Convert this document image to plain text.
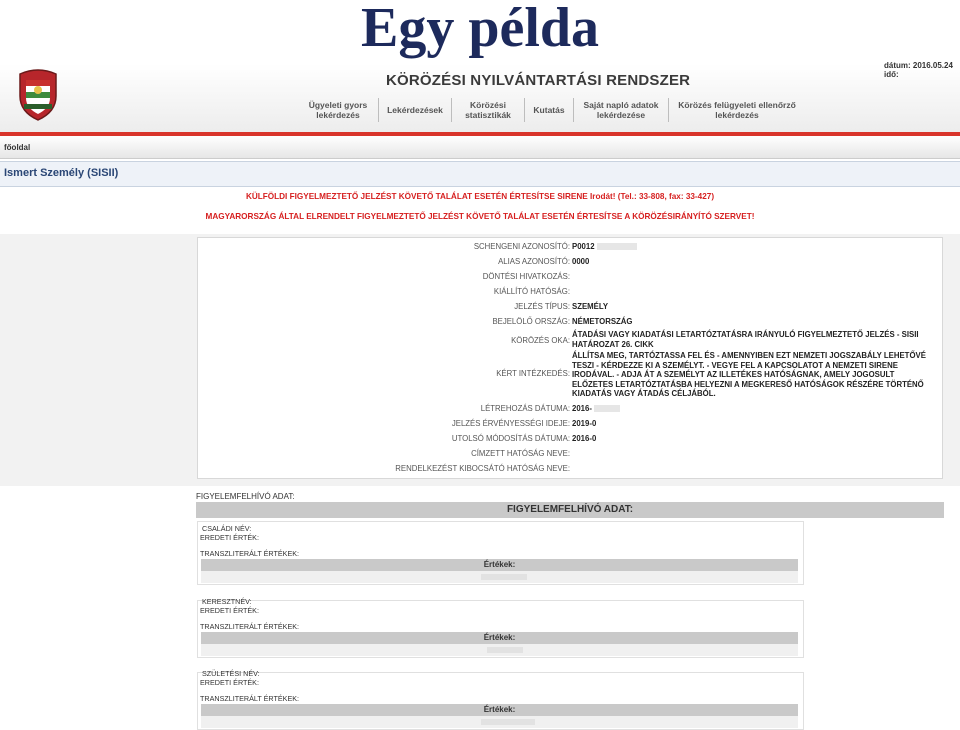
Egy példa
dátum: 2016.05.24 idő:
KÖRÖZÉSI NYILVÁNTARTÁSI RENDSZER
Ügyeleti gyors lekérdezés	Lekérdezések	Körözési statisztikák	Kutatás	Saját napló adatok lekérdezése
Körözés felügyeleti ellenőrző lekérdezés
főoldal
Ismert Személy (SISII)
KÜLFÖLDI FIGYELMEZTETŐ JELZÉST KÖVETŐ TALÁLAT ESETÉN ÉRTESÍTSE SIRENE Irodát! (Tel.: 33-808, fax: 33-427)
MAGYARORSZÁG ÁLTAL ELRENDELT FIGYELMEZTETŐ JELZÉST KÖVETŐ TALÁLAT ESETÉN ÉRTESÍTSE A KÖRÖZÉSIRÁNYÍTÓ SZERVET!
SCHENGENI AZONOSÍTÓ: P0012
ALIAS AZONOSÍTÓ: 0000
DÖNTÉSI HIVATKOZÁS:
KIÁLLÍTÓ HATÓSÁG:
JELZÉS TÍPUS: SZEMÉLY
BEJELÖLŐ ORSZÁG: NÉMETORSZÁG
KÖRÖZÉS OKA:
ÁTADÁSI VAGY KIADATÁSI LETARTÓZTATÁSRA IRÁNYULÓ FIGYELMEZTETŐ JELZÉS - SISII HATÁROZAT 26. CIKK
KÉRT INTÉZKEDÉS:
ÁLLÍTSA MEG, TARTÓZTASSA FEL ÉS - AMENNYIBEN EZT NEMZETI JOGSZABÁLY LEHETŐVÉ TESZI - KÉRDEZZE KI A SZEMÉLYT. - VEGYE FEL A KAPCSOLATOT A NEMZETI SIRENE IRODÁVAL. - ADJA ÁT A SZEMÉLYT AZ ILLETÉKES HATÓSÁGNAK, AMELY JOGOSULT ELŐZETES LETARTÓZTATÁSBA HELYEZNI A MEGKERESŐ HATÓSÁGOK RÉSZÉRE TÖRTÉNŐ KIADATÁS VAGY ÁTADÁS CÉLJÁBÓL.
LÉTREHOZÁS DÁTUMA: 2016-
JELZÉS ÉRVÉNYESSÉGI IDEJE: 2019-0
UTOLSÓ MÓDOSÍTÁS DÁTUMA: 2016-0
CÍMZETT HATÓSÁG NEVE:
RENDELKEZÉST KIBOCSÁTÓ HATÓSÁG NEVE:
FIGYELEMFELHÍVÓ ADAT:
FIGYELEMFELHÍVÓ ADAT:
CSALÁDI NÉV:
EREDETI ÉRTÉK:
TRANSZLITERÁLT ÉRTÉKEK:
Értékek:
KERESZTNÉV:
EREDETI ÉRTÉK:
TRANSZLITERÁLT ÉRTÉKEK:
Értékek:
SZÜLETÉSI NÉV:
EREDETI ÉRTÉK:
TRANSZLITERÁLT ÉRTÉKEK:
Értékek:
